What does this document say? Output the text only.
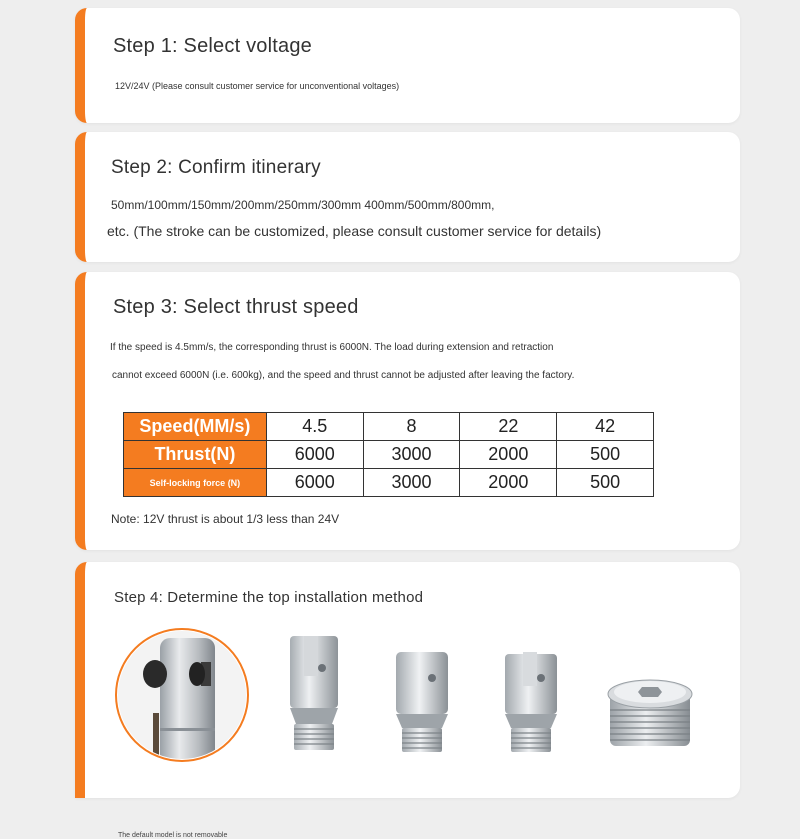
Step 1: Select voltage
12V/24V (Please consult customer service for unconventional voltages)
Step 2: Confirm itinerary
50mm/100mm/150mm/200mm/250mm/300mm 400mm/500mm/800mm,
etc. (The stroke can be customized, please consult customer service for details)
Step 3: Select thrust speed
If the speed is 4.5mm/s, the corresponding thrust is 6000N. The load during extension and retraction
cannot exceed 6000N (i.e. 600kg), and the speed and thrust cannot be adjusted after leaving the factory.
Speed(MM/s)	4.5	8	22	42
Thrust(N)	6000	3000	2000	500
Self-locking force (N)	6000	3000	2000	500
Note: 12V thrust is about 1/3 less than 24V
Step 4: Determine the top installation method
The default model is not removable
